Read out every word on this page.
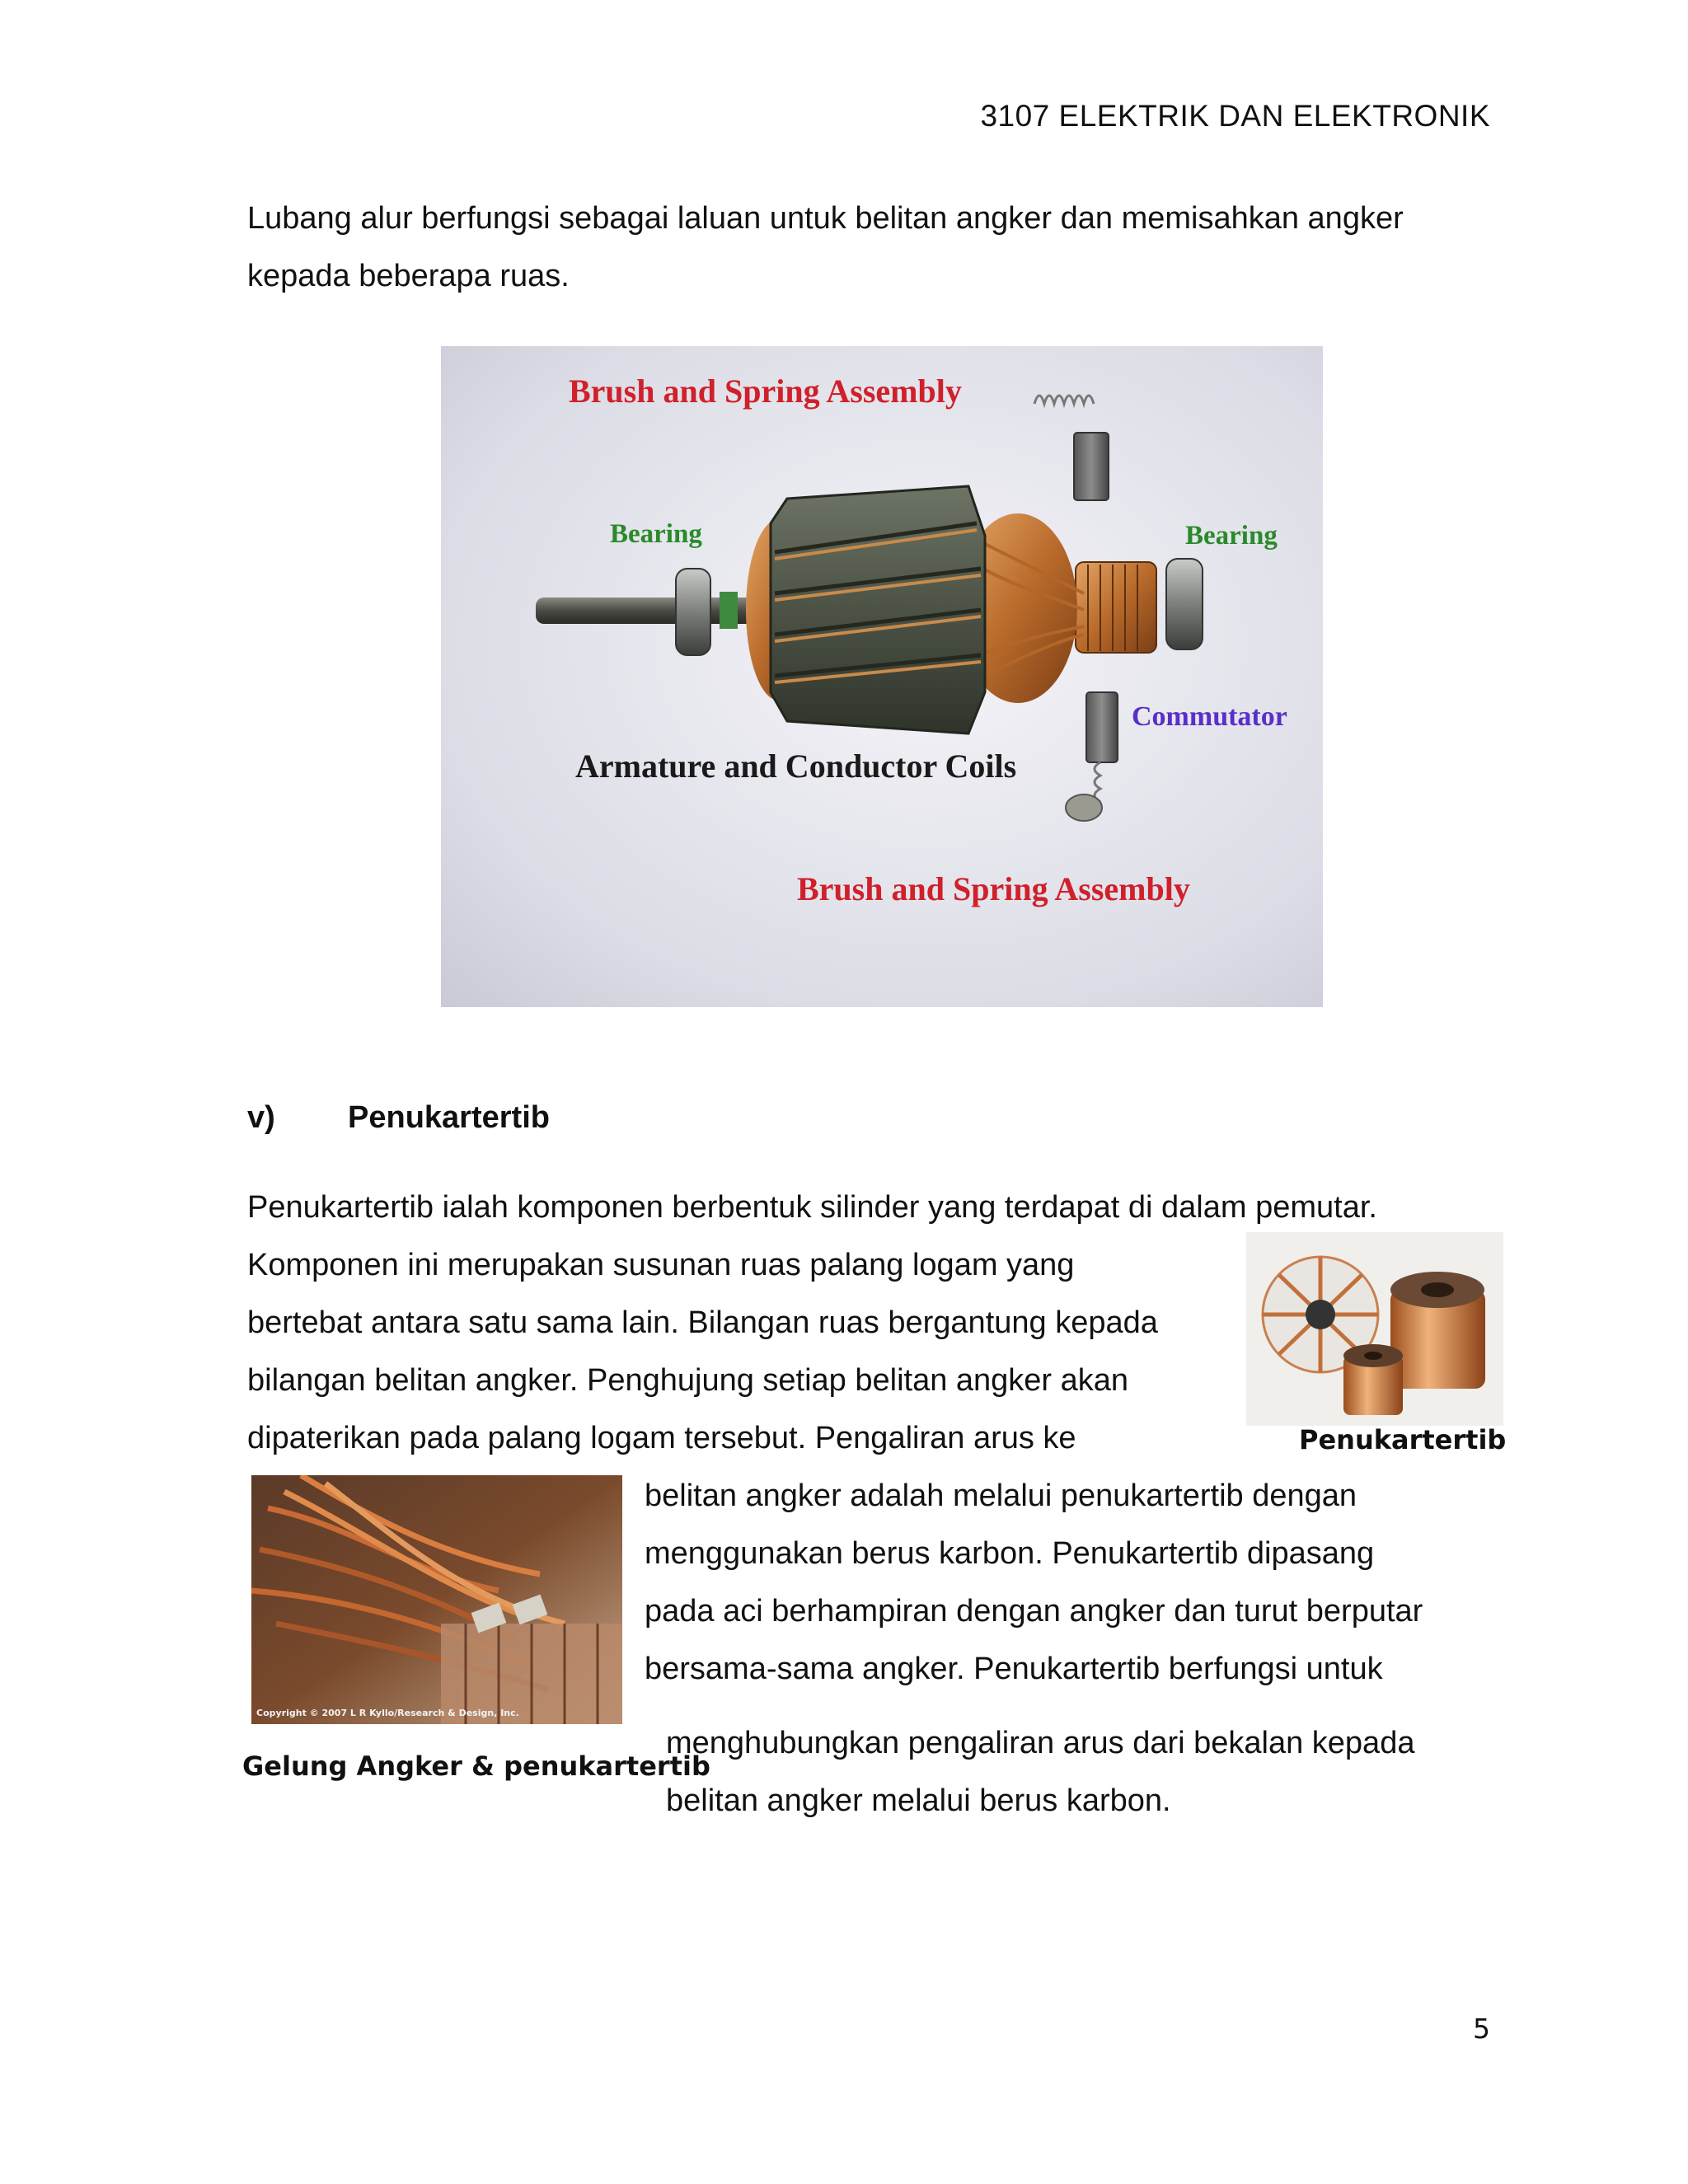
3107 ELEKTRIK DAN ELEKTRONIK
Lubang alur berfungsi sebagai laluan untuk belitan angker dan memisahkan angker
kepada beberapa ruas.
Brush and Spring Assembly
Bearing	Bearing
Commutator
Armature and Conductor Coils
Brush and Spring Assembly
v) Penukartertib
Penukartertib ialah komponen berbentuk silinder yang terdapat di dalam pemutar.
Komponen ini merupakan susunan ruas palang logam yang
bertebat antara satu sama lain. Bilangan ruas bergantung kepada
bilangan belitan angker. Penghujung setiap belitan angker akan
dipaterikan pada palang logam tersebut. Pengaliran arus ke	Penukartertib
Copyright © 2007 L R Kyllo/Research & Design, Inc.
belitan angker adalah melalui penukartertib dengan
menggunakan berus karbon. Penukartertib dipasang
pada aci berhampiran dengan angker dan turut berputar
bersama-sama angker. Penukartertib berfungsi untuk
Gelung Angker & penukartertib
menghubungkan pengaliran arus dari bekalan kepada
belitan angker melalui berus karbon.
5
